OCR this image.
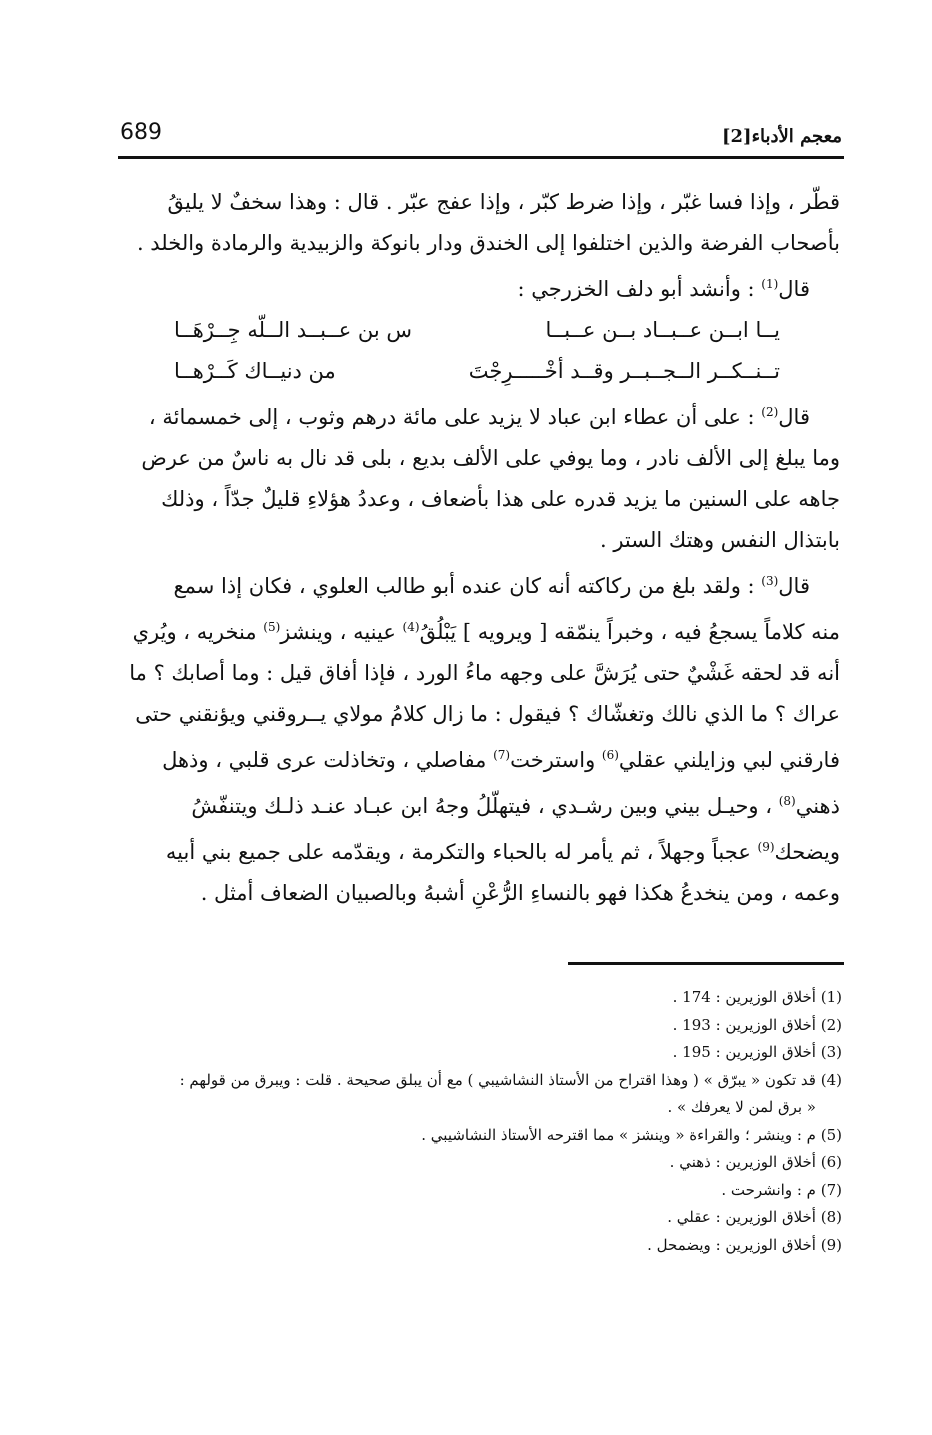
689	معجم الأدباء[2]

قطّر ، وإذا فسا غبّر ، وإذا ضرط كبّر ، وإذا عفج عبّر . قال : وهذا سخفٌ لا يليقُ

بأصحاب الفرضة والذين اختلفوا إلى الخندق ودار بانوكة والزبيدية والرمادة والخلد .

قال$^{(1)}$ : وأنشد أبو دلف الخزرجي :

يــا ابــن عــبــاد بــن عــبــا
س بن عــبــد الــلّه جِــرْهَــا
تــنــكــر الــجــبــر وقــد أخْـــــرِجْتَ
من دنيــاك كَــرْهــا

قال$^{(2)}$ : على أن عطاء ابن عباد لا يزيد على مائة درهم وثوب ، إلى خمسمائة ،

وما يبلغ إلى الألف نادر ، وما يوفي على الألف بديع ، بلى قد نال به ناسٌ من عرض

جاهه على السنين ما يزيد قدره على هذا بأضعاف ، وعددُ هؤلاءِ قليلٌ جدّاً ، وذلك

بابتذال النفس وهتك الستر .

قال$^{(3)}$ : ولقد بلغ من ركاكته أنه كان عنده أبو طالب العلوي ، فكان إذا سمع

منه كلاماً يسجعُ فيه ، وخبراً ينمّقه [ ويرويه ] يَبْلُقُ$^{(4)}$ عينيه ، وينشز$^{(5)}$ منخريه ، ويُري

أنه قد لحقه غَشْيٌ حتى يُرَشَّ على وجهه ماءُ الورد ، فإذا أفاق قيل : وما أصابك ؟ ما

عراك ؟ ما الذي نالك وتغشّاك ؟ فيقول : ما زال كلامُ مولاي يــروقني ويؤنقني حتى

فارقني لبي وزايلني عقلي$^{(6)}$ واسترخت$^{(7)}$ مفاصلي ، وتخاذلت عرى قلبي ، وذهل

ذهني$^{(8)}$ ، وحيـل بيني وبين رشـدي ، فيتهلّلُ وجهُ ابن عبـاد عنـد ذلـك ويتنفّشُ

ويضحك$^{(9)}$ عجباً وجهلاً ، ثم يأمر له بالحباء والتكرمة ، ويقدّمه على جميع بني أبيه

وعمه ، ومن ينخدعُ هكذا فهو بالنساءِ الرُّعْنِ أشبهُ وبالصبيان الضعاف أمثل .

(1) أخلاق الوزيرين : 174 .

(2) أخلاق الوزيرين : 193 .

(3) أخلاق الوزيرين : 195 .

(4) قد تكون « يبرّق » ( وهذا اقتراح من الأستاذ النشاشيبي ) مع أن يبلق صحيحة . قلت : ويبرق من قولهم :

« برق لمن لا يعرفك » .

(5) م : وينشر ؛ والقراءة « وينشز » مما اقترحه الأستاذ النشاشيبي .

(6) أخلاق الوزيرين : ذهني .

(7) م : وانشرحت .

(8) أخلاق الوزيرين : عقلي .

(9) أخلاق الوزيرين : ويضمحل .
